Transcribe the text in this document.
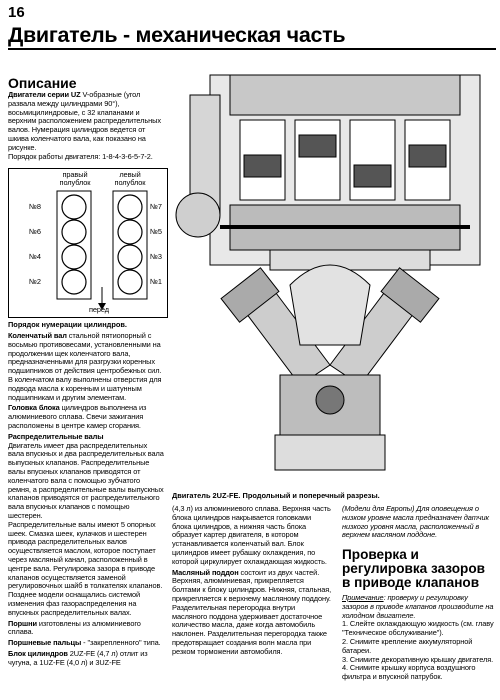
16
Двигатель - механическая часть
Описание

Двигатели серии UZ V-образные (угол развала между цилиндрами 90°), восьмицилиндровые, с 32 клапанами и верхним расположением распределительных валов. Нумерация цилиндров ведется от шкива коленчатого вала, как показано на рисунке.

Порядок работы двигателя: 1-8-4-3-6-5-7-2.

правый полублок
левый полублок
№8
№6
№4
№2
№7
№5
№3
№1
перед
Порядок нумерации цилиндров.

Коленчатый вал стальной пятиопорный с восьмью противовесами, установленными на продолжении щек коленчатого вала, предназначенными для разгрузки коренных подшипников от действия центробежных сил. В коленчатом валу выполнены отверстия для подвода масла к коренным и шатунным подшипникам и другим элементам.

Головка блока цилиндров выполнена из алюминиевого сплава. Свечи зажигания расположены в центре камер сгорания.

Распределительные валы

Двигатель имеет два распределительных вала впускных и два распределительных вала выпускных клапанов. Распределительные валы впускных клапанов приводятся от коленчатого вала с помощью зубчатого ремня, а распределительные валы выпускных клапанов приводятся от распределительного вала впускных клапанов с помощью шестерен.

Распределительные валы имеют 5 опорных шеек. Смазка шеек, кулачков и шестерен привода распределительных валов осуществляется маслом, которое поступает через масляный канал, расположенный в центре вала. Регулировка зазора в приводе клапанов осуществляется заменой регулировочных шайб в толкателях клапанов. Позднее модели оснащались системой изменения фаз газораспределения на впускных распределительных валах.

Поршни изготовлены из алюминиевого сплава.

Поршневые пальцы - "закрепленного" типа.

Блок цилиндров 2UZ-FE (4,7 л) отлит из чугуна, а 1UZ-FE (4,0 л) и 3UZ-FE

Двигатель 2UZ-FE. Продольный и поперечный разрезы.

(4,3 л) из алюминиевого сплава. Верхняя часть блока цилиндров накрывается головками блока цилиндров, а нижняя часть блока образует картер двигателя, в котором устанавливается коленчатый вал. Блок цилиндров имеет рубашку охлаждения, по которой циркулирует охлаждающая жидкость.

Масляный поддон состоит из двух частей. Верхняя, алюминиевая, прикрепляется болтами к блоку цилиндров. Нижняя, стальная, прикрепляется к верхнему масляному поддону. Разделительная перегородка внутри масляного поддона удерживает достаточное количество масла, даже когда автомобиль наклонен. Разделительная перегородка также предотвращает создания волн масла при резком торможении автомобиля.

(Модели для Европы) Для оповещения о низком уровне масла предназначен датчик низкого уровня масла, расположенный в верхнем масляном поддоне.
Проверка и регулировка зазоров в приводе клапанов

Примечание: проверку и регулировку зазоров в приводе клапанов производите на холодном двигателе.

1. Слейте охлаждающую жидкость (см. главу "Техническое обслуживание").

2. Снимите крепление аккумуляторной батареи.

3. Снимите декоративную крышку двигателя.

4. Снимите крышку корпуса воздушного фильтра и впускной патрубок.
